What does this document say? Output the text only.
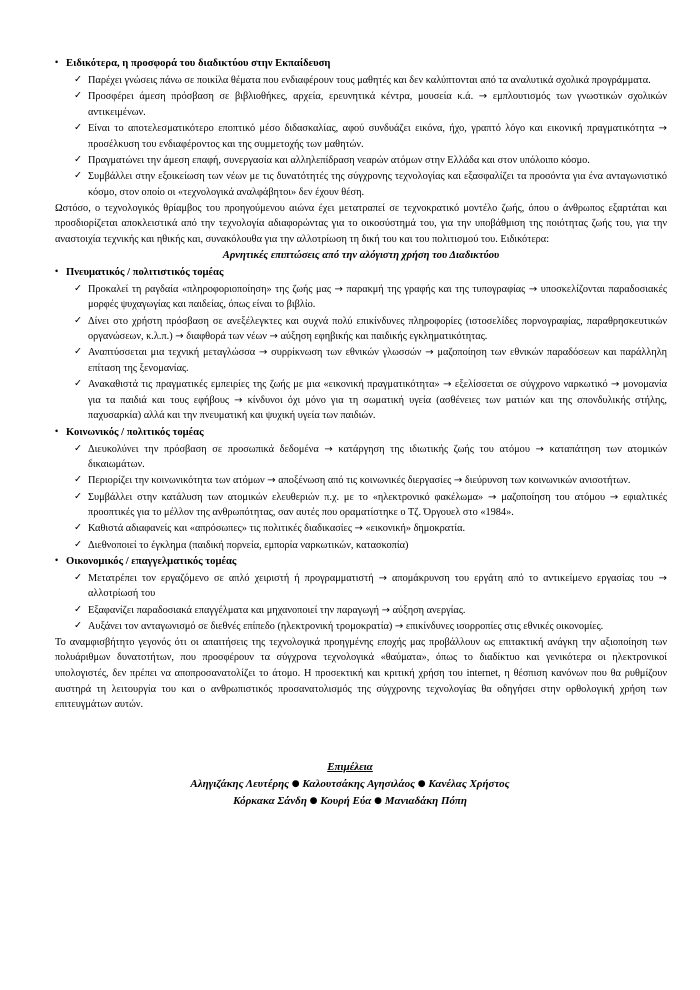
• Ειδικότερα, η προσφορά του διαδικτύου στην Εκπαίδευση

✓ Παρέχει γνώσεις πάνω σε ποικίλα θέματα που ενδιαφέρουν τους μαθητές και δεν καλύπτονται από τα αναλυτικά σχολικά προγράμματα.

✓ Προσφέρει άμεση πρόσβαση σε βιβλιοθήκες, αρχεία, ερευνητικά κέντρα, μουσεία κ.ά. → εμπλουτισμός των γνωστικών σχολικών αντικειμένων.

✓ Είναι το αποτελεσματικότερο εποπτικό μέσο διδασκαλίας, αφού συνδυάζει εικόνα, ήχο, γραπτό λόγο και εικονική πραγματικότητα → προσέλκυση του ενδιαφέροντος και της συμμετοχής των μαθητών.

✓ Πραγματώνει την άμεση επαφή, συνεργασία και αλληλεπίδραση νεαρών ατόμων στην Ελλάδα και στον υπόλοιπο κόσμο.

✓ Συμβάλλει στην εξοικείωση των νέων με τις δυνατότητές της σύγχρονης τεχνολογίας και εξασφαλίζει τα προσόντα για ένα ανταγωνιστικό κόσμο, στον οποίο οι «τεχνολογικά αναλφάβητοι» δεν έχουν θέση.

Ωστόσο, ο τεχνολογικός θρίαμβος του προηγούμενου αιώνα έχει μετατραπεί σε τεχνοκρατικό μοντέλο ζωής, όπου ο άνθρωπος εξαρτάται και προσδιορίζεται αποκλειστικά από την τεχνολογία αδιαφορώντας για το οικοσύστημά του, για την υποβάθμιση της ποιότητας ζωής του, για την αναστοιχία τεχνικής και ηθικής και, συνακόλουθα για την αλλοτρίωση τη δική του και του πολιτισμού του. Ειδικότερα:

Αρνητικές επιπτώσεις από την αλόγιστη χρήση του Διαδικτύου

• Πνευματικός / πολιτιστικός τομέας

✓ Προκαλεί τη ραγδαία «πληροφοριοποίηση» της ζωής μας → παρακμή της γραφής και της τυπογραφίας → υποσκελίζονται παραδοσιακές μορφές ψυχαγωγίας και παιδείας, όπως είναι το βιβλίο.

✓ Δίνει στο χρήστη πρόσβαση σε ανεξέλεγκτες και συχνά πολύ επικίνδυνες πληροφορίες (ιστοσελίδες πορνογραφίας, παραθρησκευτικών οργανώσεων, κ.λ.π.) → διαφθορά των νέων → αύξηση εφηβικής και παιδικής εγκληματικότητας.

✓ Αναπτύσσεται μια τεχνική μεταγλώσσα → συρρίκνωση των εθνικών γλωσσών → μαζοποίηση των εθνικών παραδόσεων και παράλληλη επίταση της ξενομανίας.

✓ Ανακαθιστά τις πραγματικές εμπειρίες της ζωής με μια «εικονική πραγματικότητα» → εξελίσσεται σε σύγχρονο ναρκωτικό → μονομανία για τα παιδιά και τους εφήβους → κίνδυνοι όχι μόνο για τη σωματική υγεία (ασθένειες των ματιών και της σπονδυλικής στήλης, παχυσαρκία) αλλά και την πνευματική και ψυχική υγεία των παιδιών.

• Κοινωνικός / πολιτικός τομέας

✓ Διευκολύνει την πρόσβαση σε προσωπικά δεδομένα → κατάργηση της ιδιωτικής ζωής του ατόμου → καταπάτηση των ατομικών δικαιωμάτων.

✓ Περιορίζει την κοινωνικότητα των ατόμων → αποξένωση από τις κοινωνικές διεργασίες → διεύρυνση των κοινωνικών ανισοτήτων.

✓ Συμβάλλει στην κατάλυση των ατομικών ελευθεριών π.χ. με το «ηλεκτρονικό φακέλωμα» → μαζοποίηση του ατόμου → εφιαλτικές προοπτικές για το μέλλον της ανθρωπότητας, σαν αυτές που οραματίστηκε ο Τζ. Όργουελ στο «1984».

✓ Καθιστά αδιαφανείς και «απρόσωπες» τις πολιτικές διαδικασίες → «εικονική» δημοκρατία.

✓ Διεθνοποιεί το έγκλημα (παιδική πορνεία, εμπορία ναρκωτικών, κατασκοπία)

• Οικονομικός / επαγγελματικός τομέας

✓ Μετατρέπει τον εργαζόμενο σε απλό χειριστή ή προγραμματιστή → απομάκρυνση του εργάτη από το αντικείμενο εργασίας του → αλλοτρίωσή του

✓ Εξαφανίζει παραδοσιακά επαγγέλματα και μηχανοποιεί την παραγωγή → αύξηση ανεργίας.

✓ Αυξάνει τον ανταγωνισμό σε διεθνές επίπεδο (ηλεκτρονική τρομοκρατία) → επικίνδυνες ισορροπίες στις εθνικές οικονομίες.

Το αναμφισβήτητο γεγονός ότι οι απαιτήσεις της τεχνολογικά προηγμένης εποχής μας προβάλλουν ως επιτακτική ανάγκη την αξιοποίηση των πολυάριθμων δυνατοτήτων, που προσφέρουν τα σύγχρονα τεχνολογικά «θαύματα», όπως το διαδίκτυο και γενικότερα οι ηλεκτρονικοί υπολογιστές, δεν πρέπει να αποπροσανατολίζει το άτομο. Η προσεκτική και κριτική χρήση του internet, η θέσπιση κανόνων που θα ρυθμίζουν αυστηρά τη λειτουργία του και ο ανθρωπιστικός προσανατολισμός της σύγχρονης τεχνολογίας θα οδηγήσει στην ορθολογική χρήση των επιτευγμάτων αυτών.

Επιμέλεια
Αληγιζάκης Λευτέρης ● Καλουτσάκης Αγησιλάος ● Κανέλας Χρήστος
Κόρκακα Σάνδη ● Κουρή Εύα ● Μανιαδάκη Πόπη
